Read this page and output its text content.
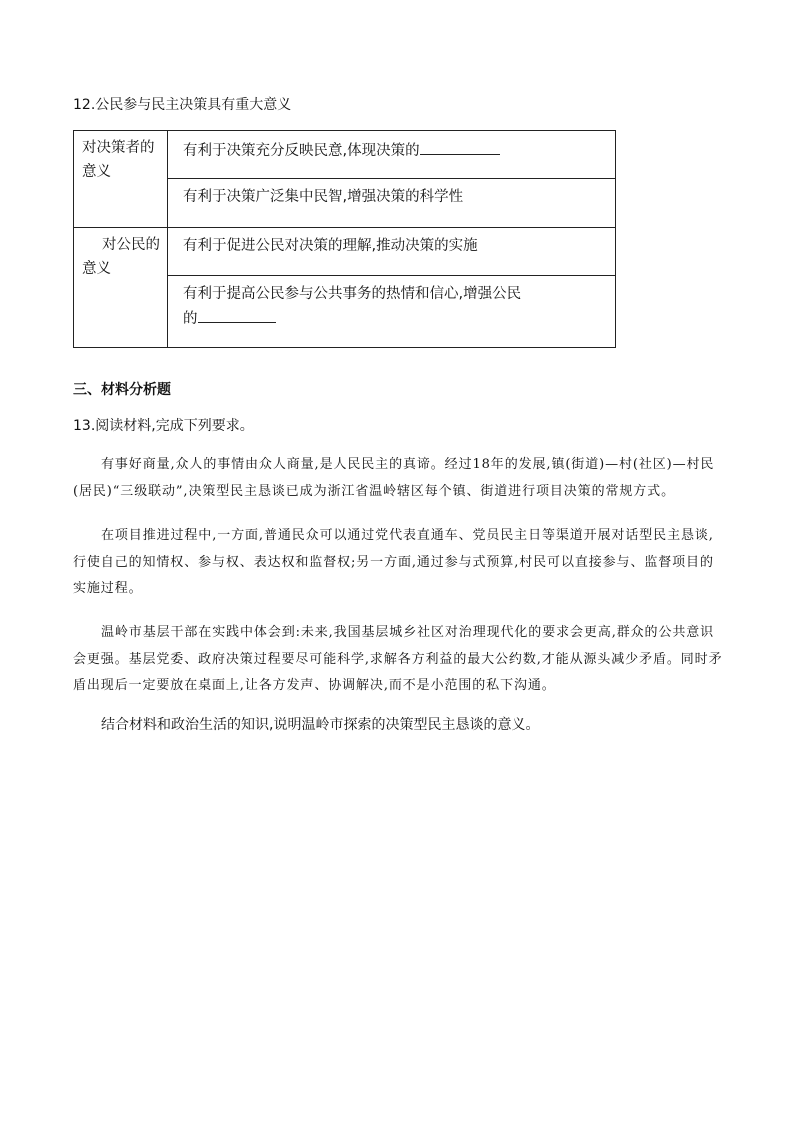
12.公民参与民主决策具有重大意义
对决策者的意义	有利于决策充分反映民意,体现决策的
	有利于决策广泛集中民智,增强决策的科学性
对公民的意义	有利于促进公民对决策的理解,推动决策的实施
	有利于提高公民参与公共事务的热情和信心,增强公民
的
三、材料分析题
13.阅读材料,完成下列要求。

有事好商量,众人的事情由众人商量,是人民民主的真谛。经过18年的发展,镇(街道)—村(社区)—村民(居民)“三级联动”,决策型民主恳谈已成为浙江省温岭辖区每个镇、街道进行项目决策的常规方式。

在项目推进过程中,一方面,普通民众可以通过党代表直通车、党员民主日等渠道开展对话型民主恳谈,行使自己的知情权、参与权、表达权和监督权;另一方面,通过参与式预算,村民可以直接参与、监督项目的实施过程。

温岭市基层干部在实践中体会到:未来,我国基层城乡社区对治理现代化的要求会更高,群众的公共意识会更强。基层党委、政府决策过程要尽可能科学,求解各方利益的最大公约数,才能从源头减少矛盾。同时矛盾出现后一定要放在桌面上,让各方发声、协调解决,而不是小范围的私下沟通。

结合材料和政治生活的知识,说明温岭市探索的决策型民主恳谈的意义。
